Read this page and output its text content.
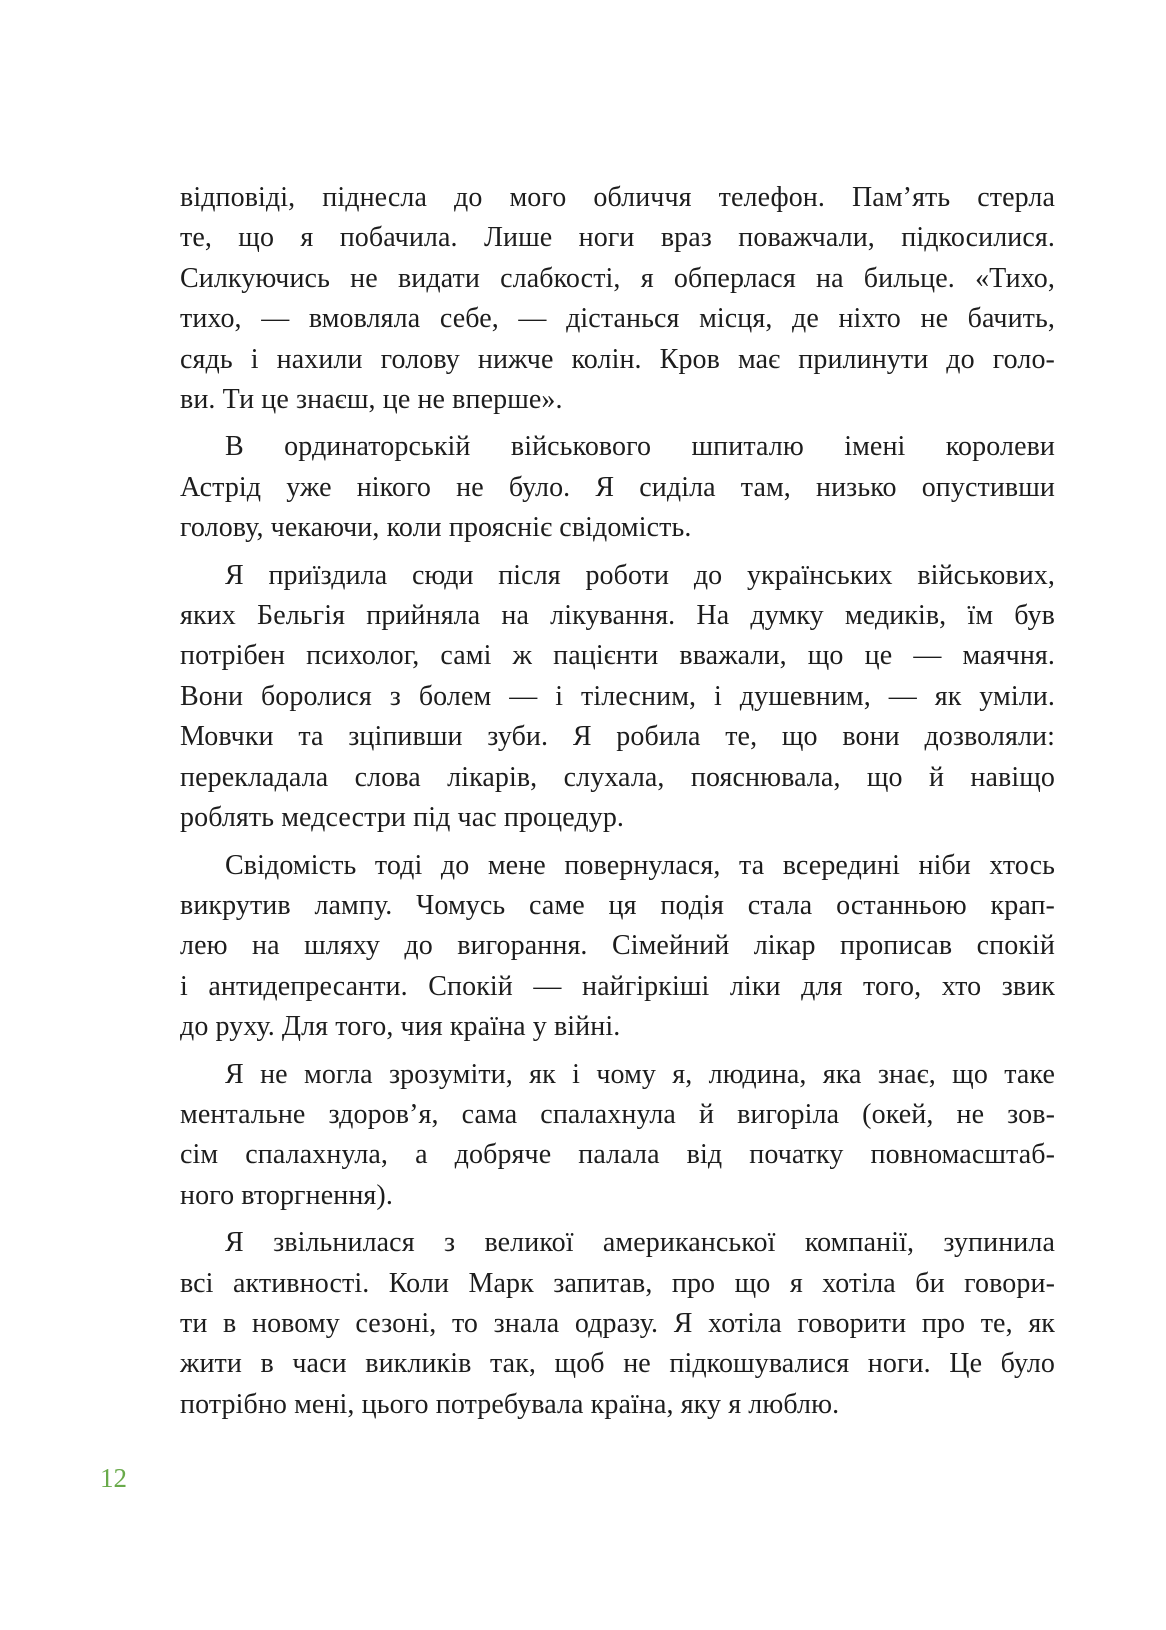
відповіді, піднесла до мого обличчя телефон. Пам’ять стерла
те, що я побачила. Лише ноги враз поважчали, підкосилися.
Силкуючись не видати слабкості, я обперлася на бильце. «Тихо,
тихо, — вмовляла себе, — дістанься місця, де ніхто не бачить,
сядь і нахили голову нижче колін. Кров має прилинути до голо-
ви. Ти це знаєш, це не вперше».

В ординаторській військового шпиталю імені королеви
Астрід уже нікого не було. Я сиділа там, низько опустивши
голову, чекаючи, коли проясніє свідомість.

Я приїздила сюди після роботи до українських військових,
яких Бельгія прийняла на лікування. На думку медиків, їм був
потрібен психолог, самі ж пацієнти вважали, що це — маячня.
Вони боролися з болем — і тілесним, і душевним, — як уміли.
Мовчки та зціпивши зуби. Я робила те, що вони дозволяли:
перекладала слова лікарів, слухала, пояснювала, що й навіщо
роблять медсестри під час процедур.

Свідомість тоді до мене повернулася, та всередині ніби хтось
викрутив лампу. Чомусь саме ця подія стала останньою крап-
лею на шляху до вигорання. Сімейний лікар прописав спокій
і антидепресанти. Спокій — найгіркіші ліки для того, хто звик
до руху. Для того, чия країна у війні.

Я не могла зрозуміти, як і чому я, людина, яка знає, що таке
ментальне здоров’я, сама спалахнула й вигоріла (окей, не зов-
сім спалахнула, а добряче палала від початку повномасштаб-
ного вторгнення).

Я звільнилася з великої американської компанії, зупинила
всі активності. Коли Марк запитав, про що я хотіла би говори-
ти в новому сезоні, то знала одразу. Я хотіла говорити про те, як
жити в часи викликів так, щоб не підкошувалися ноги. Це було
потрібно мені, цього потребувала країна, яку я люблю.

12
